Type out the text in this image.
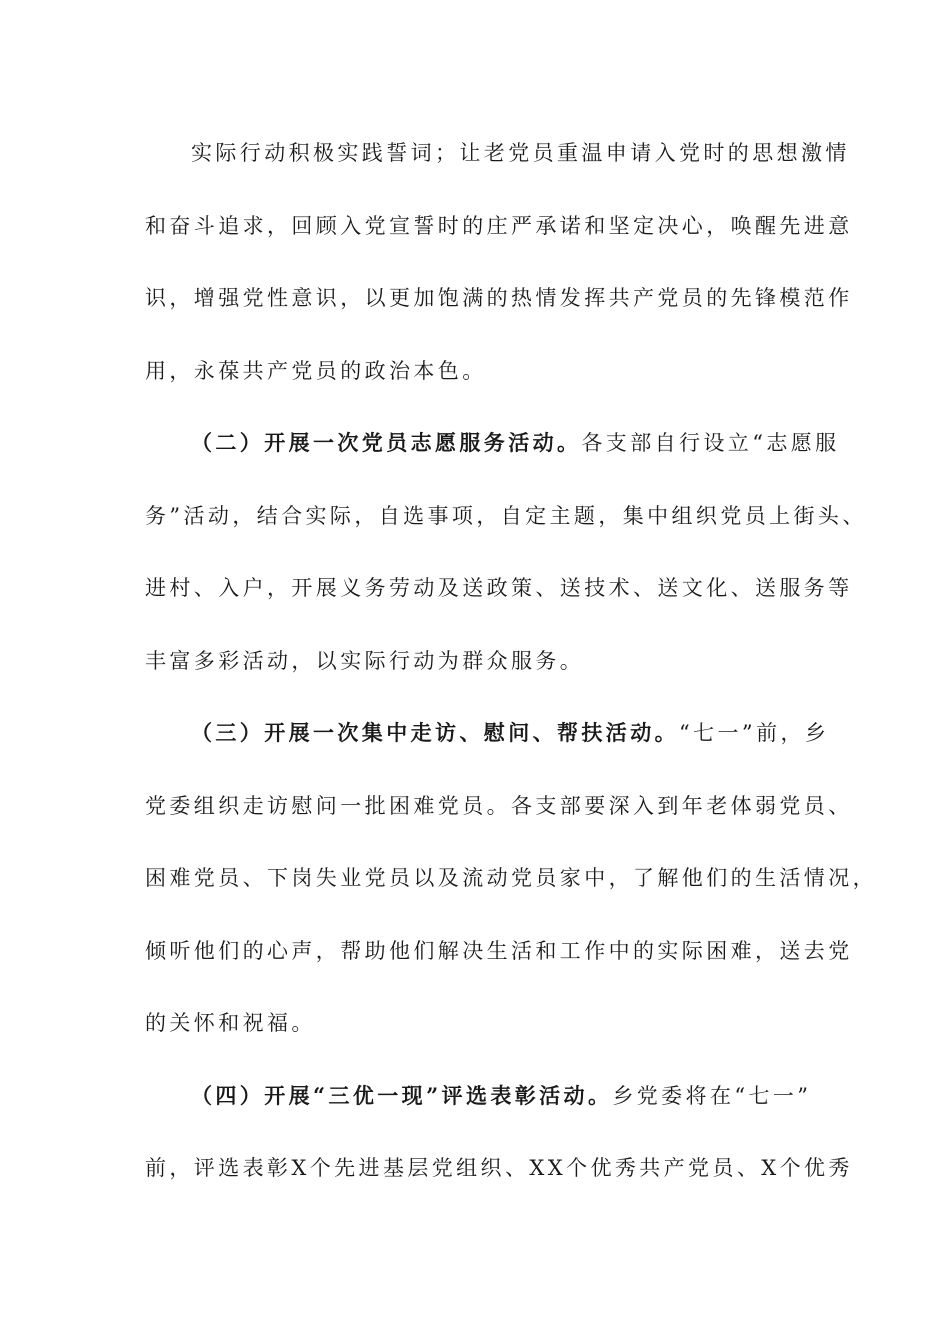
实际行动积极实践誓词；让老党员重温申请入党时的思想激情
和奋斗追求，回顾入党宣誓时的庄严承诺和坚定决心，唤醒先进意
识，增强党性意识，以更加饱满的热情发挥共产党员的先锋模范作
用，永葆共产党员的政治本色。
（二）开展一次党员志愿服务活动。各支部自行设立“志愿服
务”活动，结合实际，自选事项，自定主题，集中组织党员上街头、
进村、入户，开展义务劳动及送政策、送技术、送文化、送服务等
丰富多彩活动，以实际行动为群众服务。
（三）开展一次集中走访、慰问、帮扶活动。“七一”前，乡
党委组织走访慰问一批困难党员。各支部要深入到年老体弱党员、
困难党员、下岗失业党员以及流动党员家中，了解他们的生活情况，
倾听他们的心声，帮助他们解决生活和工作中的实际困难，送去党
的关怀和祝福。
（四）开展“三优一现”评选表彰活动。乡党委将在“七一”
前，评选表彰X个先进基层党组织、XX个优秀共产党员、X个优秀
